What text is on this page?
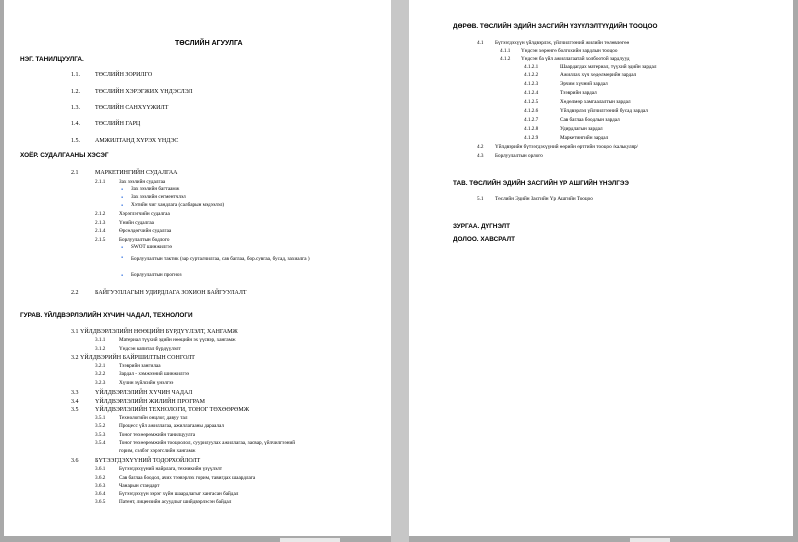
ТӨСЛИЙН АГУУЛГА
НЭГ. ТАНИЛЦУУЛГА.
1.1.	ТӨСЛИЙН ЗОРИЛГО
1.2.	ТӨСЛИЙН ХЭРЭГЖИХ ҮНДЭСЛЭЛ
1.3.	ТӨСЛИЙН САНХҮҮЖИЛТ
1.4.	ТӨСЛИЙН ГАРЦ
1.5.	АМЖИЛТАНД ХҮРЭХ ҮНДЭС
ХОЁР. СУДАЛГААНЫ ХЭСЭГ
2.1	МАРКЕТИНГИЙН СУДАЛГАА
2.1.1	Зах зээлийн судалгаа
▪ Зах зээлийн багтаамж
▪ Зах зээлийн сегментчлэл
▪ Хэтийн чиг хандлага (салбарын мэдээлэл)
2.1.2	Хэрэглэгчийн судалгаа
2.1.3	Үнийн судалгаа
2.1.4	Өрсөлдөгчийн судалгаа
2.1.5	Борлуулалтын бодлого
▪ SWOT шинжилгээ
▪ Борлуулалтын тактик (зар сурталчилгаа, сав баглаа, бор.сувгаа, бусад, захиалга )
▪ Борлуулалтын прогноз
2.2	БАЙГУУЛЛАГЫН УДИРДЛАГА ЗОХИОН БАЙГУУЛАЛТ
ГУРАВ. ҮЙЛДВЭРЛЭЛИЙН ХҮЧИН ЧАДАЛ, ТЕХНОЛОГИ
3.1 ҮЙЛДВЭРЛЭЛИЙН НӨӨЦИЙН БҮРДҮҮЛЭЛТ, ХАНГАМЖ
3.1.1	Материал түүхий эдийн нөөцийн эх үүсвэр, хангамж
3.1.2	Үндсэн капитал бүрдүүлэлт
3.2 ҮЙЛДВЭРИЙН БАЙРШИЛТЫН СОНГОЛТ
3.2.1	Тээврийн зангилаа
3.2.2	Зардал - хэмжээний шинжилгээ
3.2.3	Хүчин зүйлсийн үнэлгээ
3.3	ҮЙЛДВЭРЛЭЛИЙН ХҮЧИН ЧАДАЛ
3.4	ҮЙЛДВЭРЛЭЛИЙН ЖИЛИЙН ПРОГРАМ
3.5	ҮЙЛДВЭРЛЭЛИЙН ТЕХНОЛОГИ, ТОНОГ ТӨХӨӨРӨМЖ
3.5.1	Технологийн онцлог, давуу тал
3.5.2	Процесс үйл ажиллагаа, ажиллагааны дараалал
3.5.3	Тоног төхөөрөмжийн танилцуулга
3.5.4	Тоног төхөөрөмжийн тооцоолол, суурилуулах ажиллагаа, засвар, үйлчилгээний
горим, сэлбэг хэрэгслийн хангамж
3.6	БҮТЭЭГДЭХҮҮНИЙ ТОДОРХОЙЛОЛТ
3.6.1	Бүтээгдэхүүний найрлага, техникийн үзүүлэлт
3.6.2	Сав баглаа боодол, ачих тээвэрлэх горим, тавигдах шаардлага
3.6.3	Чанарын стандарт
3.6.4	Бүтээгдэхүүн зэрэг хүйн шаардлагыг хангасан байдал
3.6.5	Патент, лицензийн асуудлыг шийдвэрлэсэн байдал
ДӨРӨВ. ТӨСЛИЙН ЭДИЙН ЗАСГИЙН ҮЗҮҮЛЭЛТҮҮДИЙН ТООЦОО
4.1 Бүтээгдэхүүн үйлдвэрлэх, үйлчилгээний жилийн төлөвлөгөө
4.1.1 Үндсэн хөрөнгө болгохийн зардлын тооцоо
4.1.2 Үндсэн ба үйл ажиллагаатай холбоотой зардлууд
4.1.2.1	Шаардагдах материал, түүхий эдийн зардал
4.1.2.2	Ажиллах хүч хөдөлмөрийн зардал
4.1.2.3	Эрчим хүчний зардал
4.1.2.4	Тээврийн зардал
4.1.2.5	Хөдөлмөр хамгаалалтын зардал
4.1.2.6	Үйлдвэрлэл үйлчилгээний бусад зардал
4.1.2.7	Сав баглаа боодлын зардал
4.1.2.8	Удирдлагын зардал
4.1.2.9	Маркетингийн зардал
4.2 Үйлдвэрийн бүтээгдэхүүний өөрийн өртгийн тооцоо /калькуляр/
4.3 Борлуулалтын орлого
ТАВ. ТӨСЛИЙН ЭДИЙН ЗАСГИЙН ҮР АШГИЙН ҮНЭЛГЭЭ
5.1 Төслийн Эдийн Засгийн Үр Ашгийн Тооцоо
ЗУРГАА. ДҮГНЭЛТ
ДОЛОО. ХАВСРАЛТ
